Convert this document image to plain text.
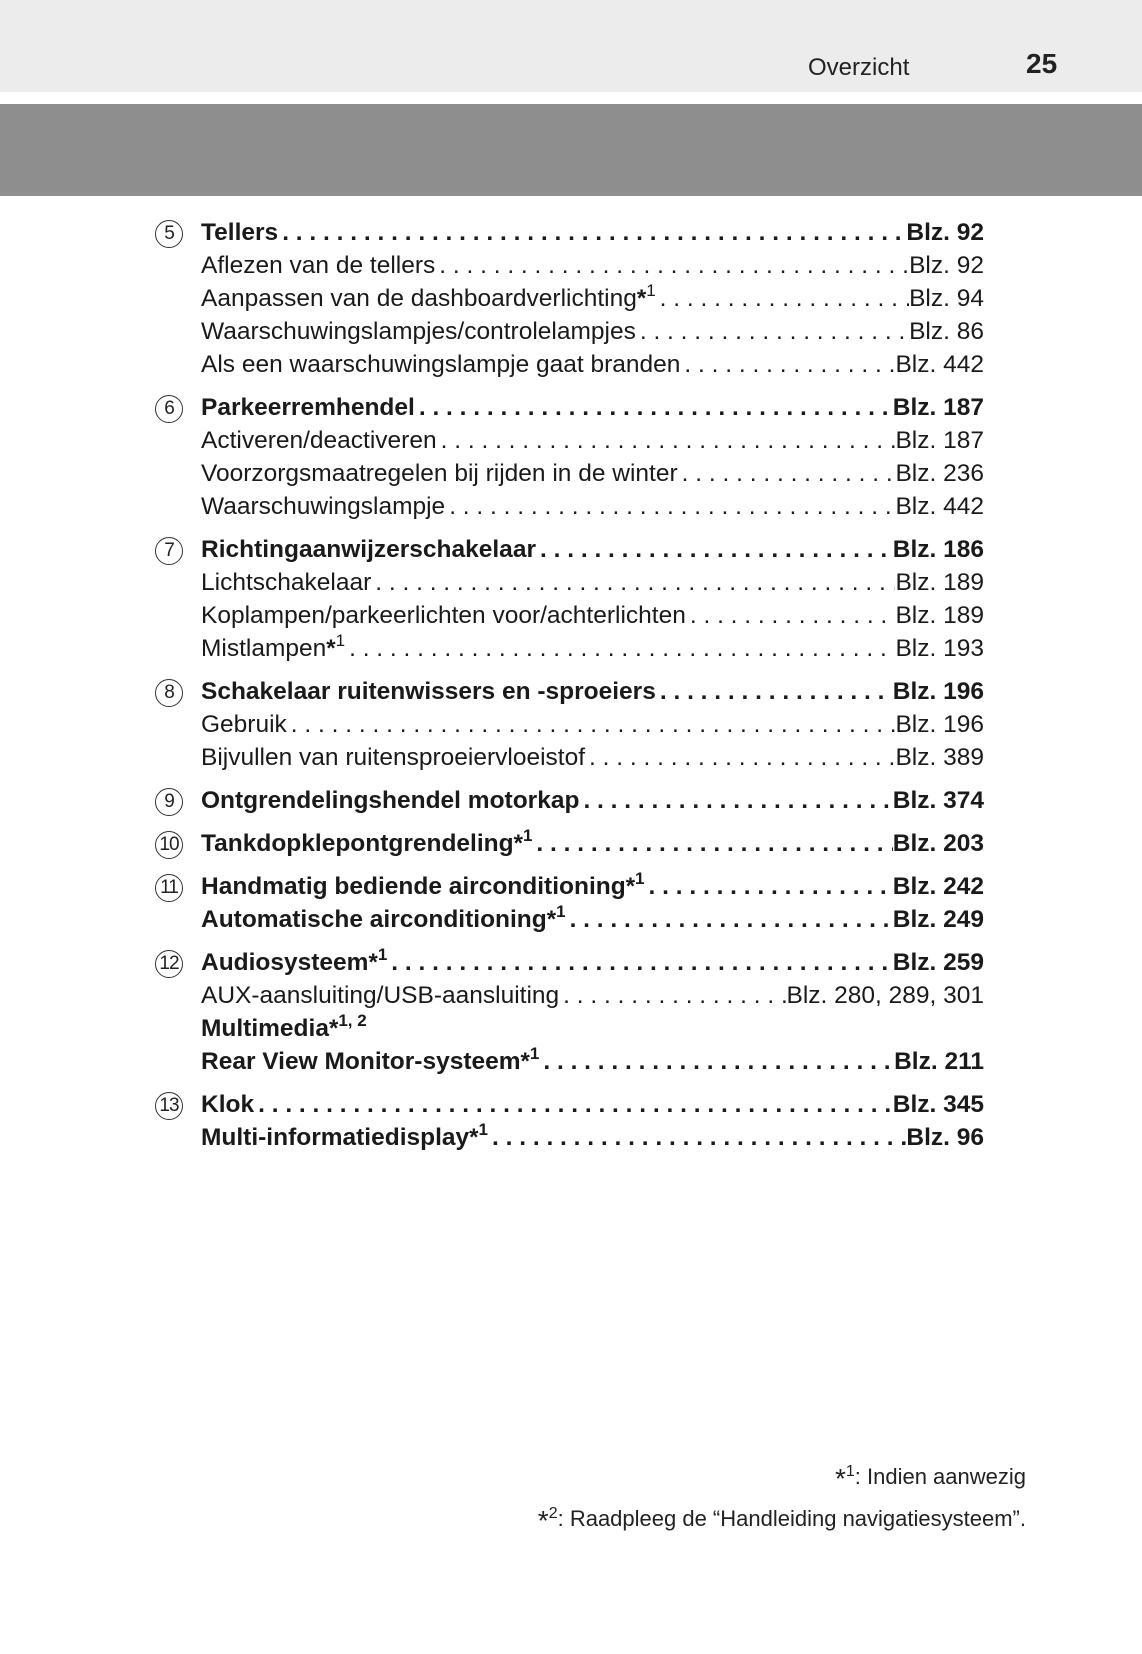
Overzicht	25
5	Tellers . . .	Blz. 92
Aflezen van de tellers . . .	Blz. 92
Aanpassen van de dashboardverlichting *$^1$ . . .	Blz. 94
Waarschuwingslampjes/controlelampjes . . .	Blz. 86
Als een waarschuwingslampje gaat branden . . .	Blz. 442
6	Parkeerremhendel . . .	Blz. 187
Activeren/deactiveren . . .	Blz. 187
Voorzorgsmaatregelen bij rijden in de winter . . .	Blz. 236
Waarschuwingslampje . . .	Blz. 442
7	Richtingaanwijzerschakelaar . . .	Blz. 186
Lichtschakelaar . . .	Blz. 189
Koplampen/parkeerlichten voor/achterlichten . . .	Blz. 189
Mistlampen *$^1$ . . .	Blz. 193
8	Schakelaar ruitenwissers en -sproeiers . . .	Blz. 196
Gebruik . . .	Blz. 196
Bijvullen van ruitensproeiervloeistof . . .	Blz. 389
9	Ontgrendelingshendel motorkap . . .	Blz. 374
10 Tankdopklepontgrendeling *$^1$ . . .	Blz. 203
11 Handmatig bediende airconditioning *$^1$ . . .	Blz. 242
Automatische airconditioning *$^1$ . . .	Blz. 249
12 Audiosysteem *$^1$ . . .	Blz. 259
AUX-aansluiting/USB-aansluiting . . .	Blz. 280, 289, 301
Multimedia *$^{1, 2}$
Rear View Monitor-systeem *$^1$ . . .	Blz. 211
13 Klok . . .	Blz. 345
Multi-informatiedisplay *$^1$ . . .	Blz. 96
*$^1$: Indien aanwezig
*$^2$: Raadpleeg de “Handleiding navigatiesysteem”.
